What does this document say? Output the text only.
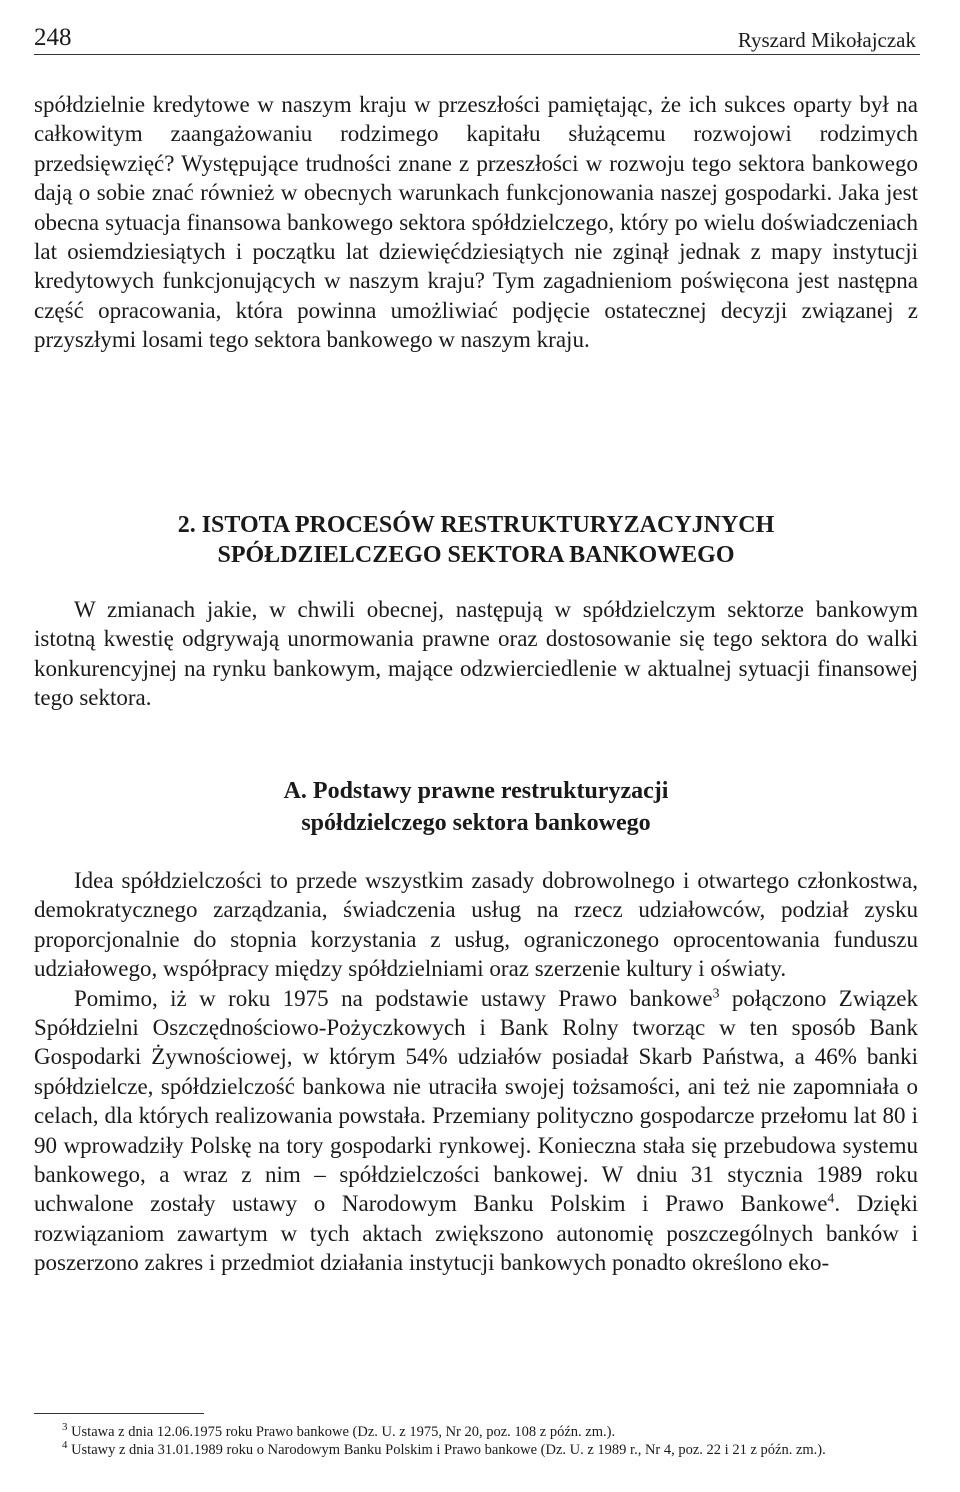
248	Ryszard Mikołajczak

spółdzielnie kredytowe w naszym kraju w przeszłości pamiętając, że ich sukces oparty był na całkowitym zaangażowaniu rodzimego kapitału służącemu rozwojowi rodzimych przedsięwzięć? Występujące trudności znane z przeszłości w rozwoju tego sektora bankowego dają o sobie znać również w obecnych warunkach funkcjonowania naszej gospodarki. Jaka jest obecna sytuacja finansowa bankowego sektora spółdzielczego, który po wielu doświadczeniach lat osiemdziesiątych i początku lat dziewięćdziesiątych nie zginął jednak z mapy instytucji kredytowych funkcjonujących w naszym kraju? Tym zagadnieniom poświęcona jest następna część opracowania, która powinna umożliwiać podjęcie ostatecznej decyzji związanej z przyszłymi losami tego sektora bankowego w naszym kraju.

2. ISTOTA PROCESÓW RESTRUKTURYZACYJNYCH
SPÓŁDZIELCZEGO SEKTORA BANKOWEGO

W zmianach jakie, w chwili obecnej, następują w spółdzielczym sektorze bankowym istotną kwestię odgrywają unormowania prawne oraz dostosowanie się tego sektora do walki konkurencyjnej na rynku bankowym, mające odzwierciedlenie w aktualnej sytuacji finansowej tego sektora.

A. Podstawy prawne restrukturyzacji
spółdzielczego sektora bankowego

Idea spółdzielczości to przede wszystkim zasady dobrowolnego i otwartego członkostwa, demokratycznego zarządzania, świadczenia usług na rzecz udziałowców, podział zysku proporcjonalnie do stopnia korzystania z usług, ograniczonego oprocentowania funduszu udziałowego, współpracy między spółdzielniami oraz szerzenie kultury i oświaty.

Pomimo, iż w roku 1975 na podstawie ustawy Prawo bankowe$^3$ połączono Związek Spółdzielni Oszczędnościowo-Pożyczkowych i Bank Rolny tworząc w ten sposób Bank Gospodarki Żywnościowej, w którym 54% udziałów posiadał Skarb Państwa, a 46% banki spółdzielcze, spółdzielczość bankowa nie utraciła swojej tożsamości, ani też nie zapomniała o celach, dla których realizowania powstała. Przemiany polityczno gospodarcze przełomu lat 80 i 90 wprowadziły Polskę na tory gospodarki rynkowej. Konieczna stała się przebudowa systemu bankowego, a wraz z nim – spółdzielczości bankowej. W dniu 31 stycznia 1989 roku uchwalone zostały ustawy o Narodowym Banku Polskim i Prawo Bankowe$^4$. Dzięki rozwiązaniom zawartym w tych aktach zwiększono autonomię poszczególnych banków i poszerzono zakres i przedmiot działania instytucji bankowych ponadto określono eko-

$^3$ Ustawa z dnia 12.06.1975 roku Prawo bankowe (Dz. U. z 1975, Nr 20, poz. 108 z późn. zm.).

$^4$ Ustawy z dnia 31.01.1989 roku o Narodowym Banku Polskim i Prawo bankowe (Dz. U. z 1989 r., Nr 4, poz. 22 i 21 z późn. zm.).
